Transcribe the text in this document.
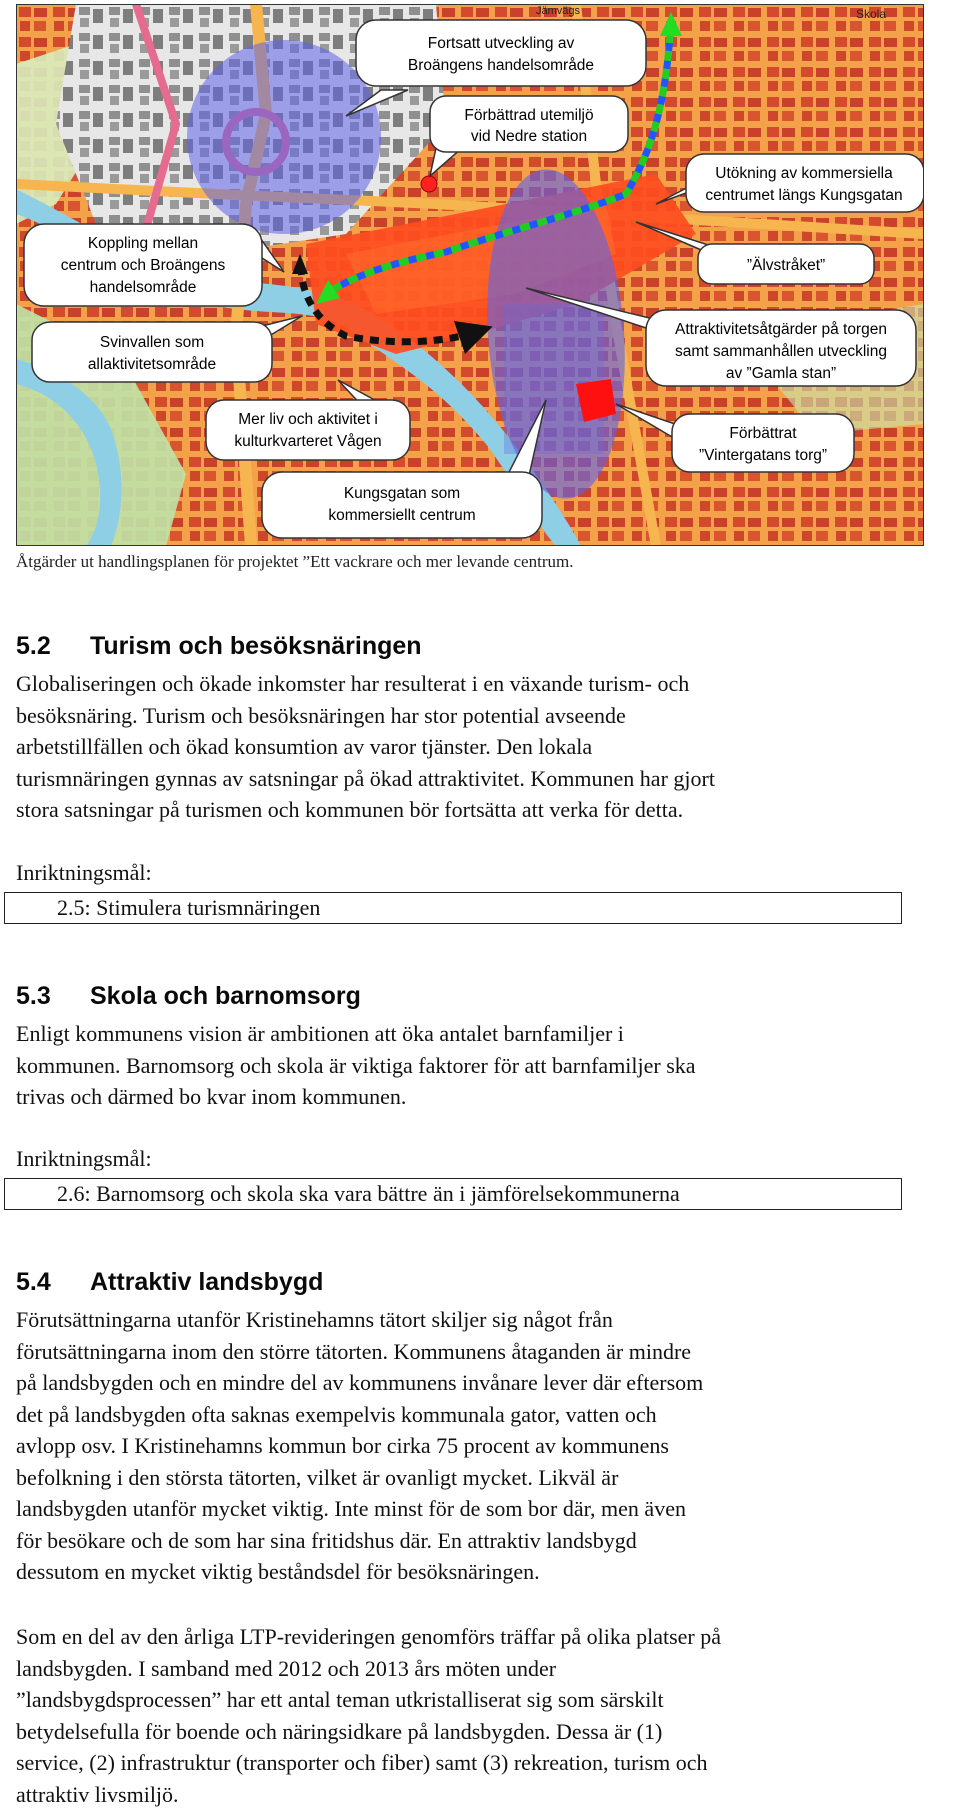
Jämvägs	Skola
Fortsatt utveckling av
Broängens handelsområde
Förbättrad utemiljö
vid Nedre station
Utökning av kommersiella
centrumet längs Kungsgatan
Koppling mellan
centrum och Broängens
handelsområde
”Älvstråket”
Svinvallen som
allaktivitetsområde
Attraktivitetsåtgärder på torgen
samt sammanhållen utveckling
av ”Gamla stan”
Mer liv och aktivitet i
kulturkvarteret Vågen	Förbättrat
”Vintergatans torg”
Kungsgatan som
kommersiellt centrum
Åtgärder ut handlingsplanen för projektet ”Ett vackrare och mer levande centrum.
5.2 Turism och besöksnäringen
Globaliseringen och ökade inkomster har resulterat i en växande turism- och
besöksnäring. Turism och besöksnäringen har stor potential avseende
arbetstillfällen och ökad konsumtion av varor tjänster. Den lokala
turismnäringen gynnas av satsningar på ökad attraktivitet. Kommunen har gjort
stora satsningar på turismen och kommunen bör fortsätta att verka för detta.
Inriktningsmål:
2.5: Stimulera turismnäringen
5.3 Skola och barnomsorg
Enligt kommunens vision är ambitionen att öka antalet barnfamiljer i
kommunen. Barnomsorg och skola är viktiga faktorer för att barnfamiljer ska
trivas och därmed bo kvar inom kommunen.
Inriktningsmål:
2.6: Barnomsorg och skola ska vara bättre än i jämförelsekommunerna
5.4 Attraktiv landsbygd
Förutsättningarna utanför Kristinehamns tätort skiljer sig något från
förutsättningarna inom den större tätorten. Kommunens åtaganden är mindre
på landsbygden och en mindre del av kommunens invånare lever där eftersom
det på landsbygden ofta saknas exempelvis kommunala gator, vatten och
avlopp osv. I Kristinehamns kommun bor cirka 75 procent av kommunens
befolkning i den största tätorten, vilket är ovanligt mycket. Likväl är
landsbygden utanför mycket viktig. Inte minst för de som bor där, men även
för besökare och de som har sina fritidshus där. En attraktiv landsbygd
dessutom en mycket viktig beståndsdel för besöksnäringen.
Som en del av den årliga LTP-revideringen genomförs träffar på olika platser på
landsbygden. I samband med 2012 och 2013 års möten under
”landsbygdsprocessen” har ett antal teman utkristalliserat sig som särskilt
betydelsefulla för boende och näringsidkare på landsbygden. Dessa är (1)
service, (2) infrastruktur (transporter och fiber) samt (3) rekreation, turism och
attraktiv livsmiljö.
